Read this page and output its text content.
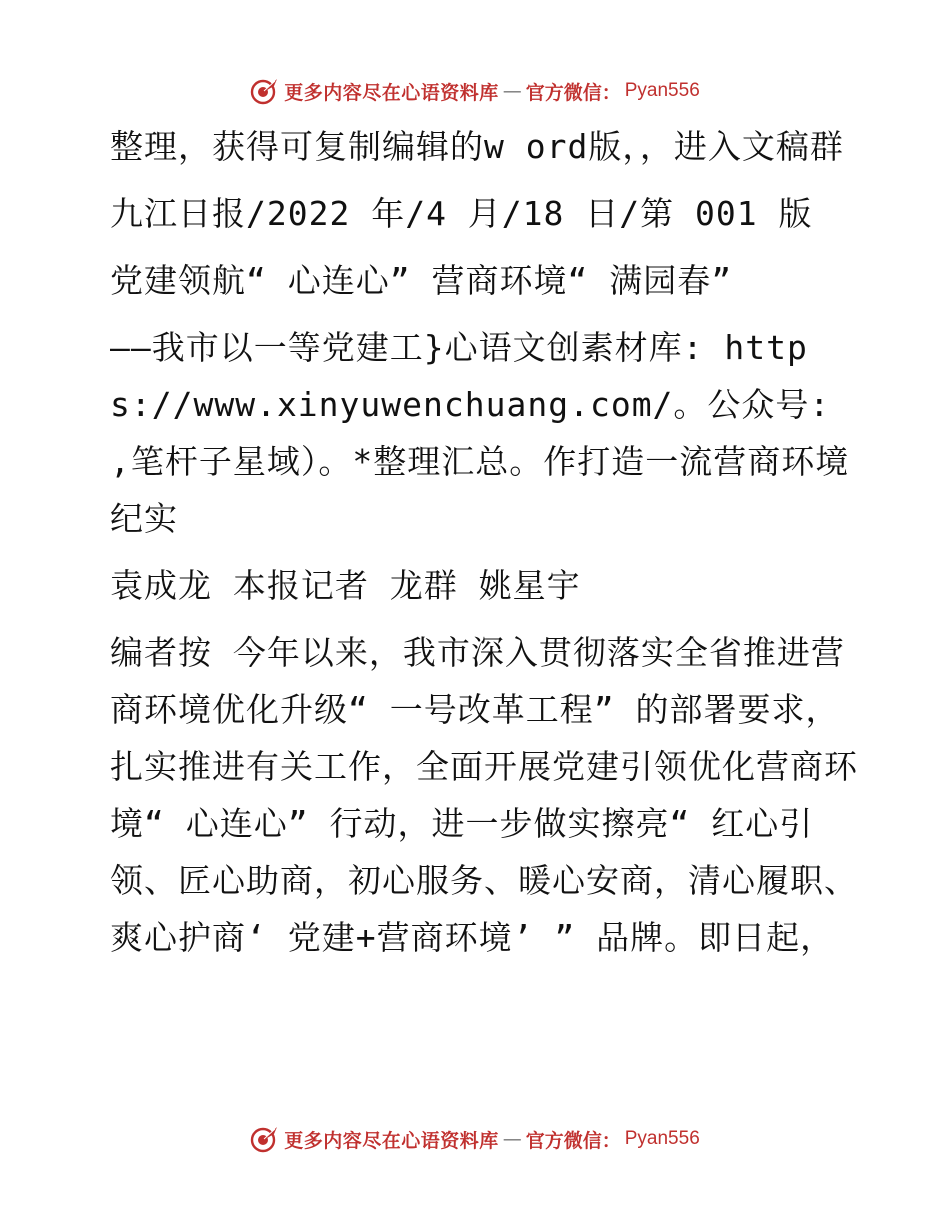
更多内容尽在心语资料库 — 官方微信： Pyan556

整理，获得可复制编辑的w ord版，，进入文稿群

九江日报/2022 年/4 月/18 日/第 001 版

党建领航“ 心连心” 营商环境“ 满园春”

——我市以一等党建工}心语文创素材库: https://www.xinyuwenchuang.com/。公众号: ,笔杆子星域）。*整理汇总。作打造一流营商环境纪实

袁成龙 本报记者 龙群 姚星宇

编者按 今年以来，我市深入贯彻落实全省推进营商环境优化升级“ 一号改革工程” 的部署要求，扎实推进有关工作，全面开展党建引领优化营商环境“ 心连心” 行动，进一步做实擦亮“ 红心引领、匠心助商，初心服务、暖心安商，清心履职、爽心护商‘ 党建+营商环境’ ” 品牌。即日起，

更多内容尽在心语资料库 — 官方微信： Pyan556
